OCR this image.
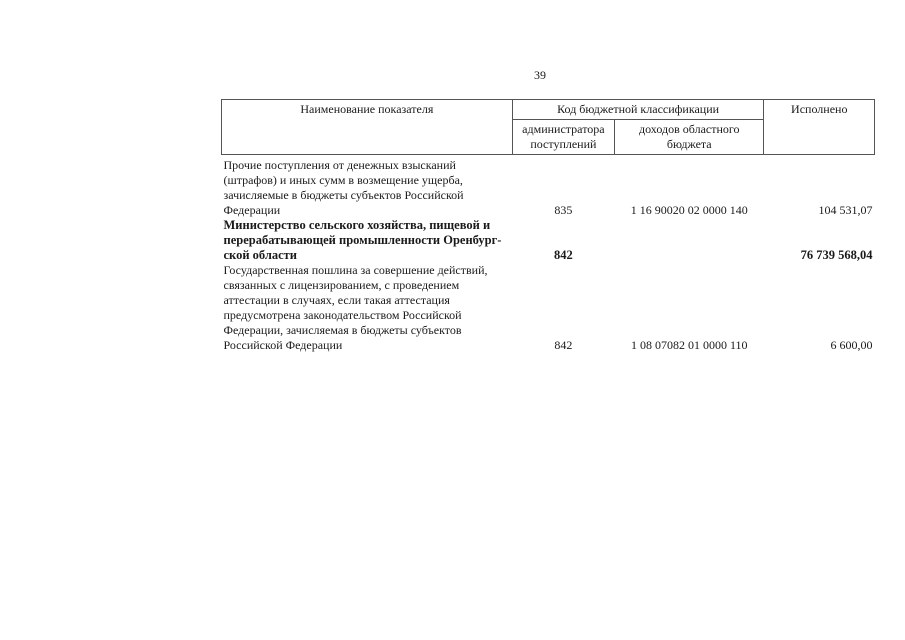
39
Наименование показателя	Код бюджетной классификации		Исполнено
	администратора поступлений	доходов областного бюджета	
Прочие поступления от денежных взысканий (штрафов) и иных сумм в возмещение ущерба, зачисляемые в бюджеты субъектов Российской Федерации	835	1 16 90020 02 0000 140	104 531,07
Министерство сельского хозяйства, пищевой и перерабатывающей промышленности Оренбург-ской области	842		76 739 568,04
Государственная пошлина за совершение действий, связанных с лицензированием, с проведением аттестации в случаях, если такая аттестация предусмотрена законодательством Российской Федерации, зачисляемая в бюджеты субъектов Российской Федерации	842	1 08 07082 01 0000 110	6 600,00
